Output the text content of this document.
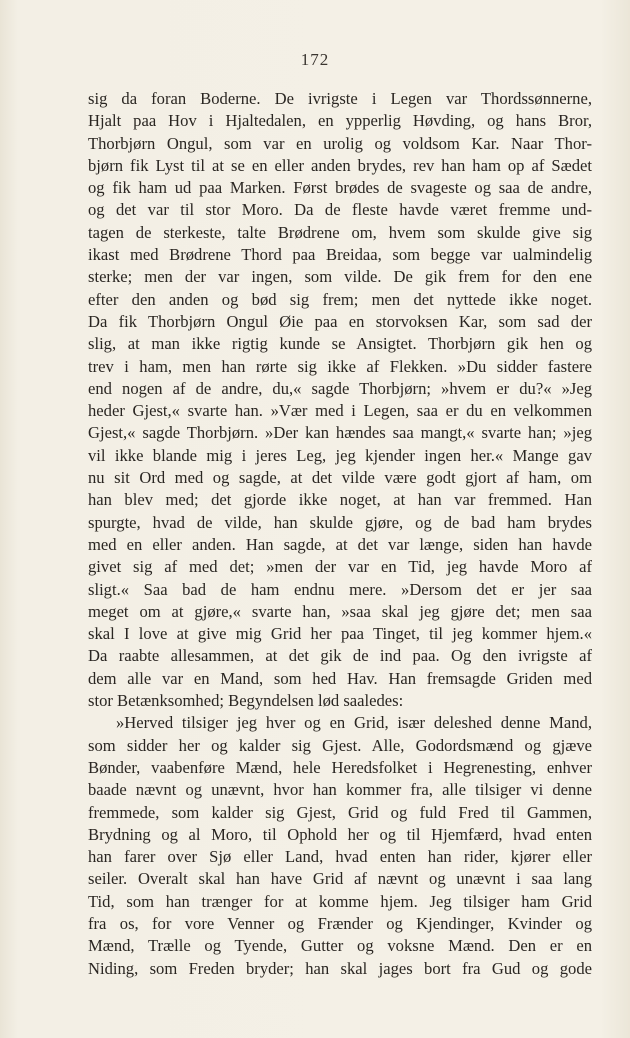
172
sig da foran Boderne. De ivrigste i Legen var Thordssønnerne,
Hjalt paa Hov i Hjaltedalen, en ypperlig Høvding, og hans Bror,
Thorbjørn Ongul, som var en urolig og voldsom Kar. Naar Thor-
bjørn fik Lyst til at se en eller anden brydes, rev han ham op af Sædet
og fik ham ud paa Marken. Først brødes de svageste og saa de andre,
og det var til stor Moro. Da de fleste havde været fremme und-
tagen de sterkeste, talte Brødrene om, hvem som skulde give sig
ikast med Brødrene Thord paa Breidaa, som begge var ualmindelig
sterke; men der var ingen, som vilde. De gik frem for den ene
efter den anden og bød sig frem; men det nyttede ikke noget.
Da fik Thorbjørn Ongul Øie paa en storvoksen Kar, som sad der
slig, at man ikke rigtig kunde se Ansigtet. Thorbjørn gik hen og
trev i ham, men han rørte sig ikke af Flekken. »Du sidder fastere
end nogen af de andre, du,« sagde Thorbjørn; »hvem er du?« »Jeg
heder Gjest,« svarte han. »Vær med i Legen, saa er du en velkommen
Gjest,« sagde Thorbjørn. »Der kan hændes saa mangt,« svarte han; »jeg
vil ikke blande mig i jeres Leg, jeg kjender ingen her.« Mange gav
nu sit Ord med og sagde, at det vilde være godt gjort af ham, om
han blev med; det gjorde ikke noget, at han var fremmed. Han
spurgte, hvad de vilde, han skulde gjøre, og de bad ham brydes
med en eller anden. Han sagde, at det var længe, siden han havde
givet sig af med det; »men der var en Tid, jeg havde Moro af
sligt.« Saa bad de ham endnu mere. »Dersom det er jer saa
meget om at gjøre,« svarte han, »saa skal jeg gjøre det; men saa
skal I love at give mig Grid her paa Tinget, til jeg kommer hjem.«
Da raabte allesammen, at det gik de ind paa. Og den ivrigste af
dem alle var en Mand, som hed Hav. Han fremsagde Griden med
stor Betænksomhed; Begyndelsen lød saaledes:
»Herved tilsiger jeg hver og en Grid, især deleshed denne Mand,
som sidder her og kalder sig Gjest. Alle, Godordsmænd og gjæve
Bønder, vaabenføre Mænd, hele Heredsfolket i Hegrenesting, enhver
baade nævnt og unævnt, hvor han kommer fra, alle tilsiger vi denne
fremmede, som kalder sig Gjest, Grid og fuld Fred til Gammen,
Brydning og al Moro, til Ophold her og til Hjemfærd, hvad enten
han farer over Sjø eller Land, hvad enten han rider, kjører eller
seiler. Overalt skal han have Grid af nævnt og unævnt i saa lang
Tid, som han trænger for at komme hjem. Jeg tilsiger ham Grid
fra os, for vore Venner og Frænder og Kjendinger, Kvinder og
Mænd, Trælle og Tyende, Gutter og voksne Mænd. Den er en
Niding, som Freden bryder; han skal jages bort fra Gud og gode
